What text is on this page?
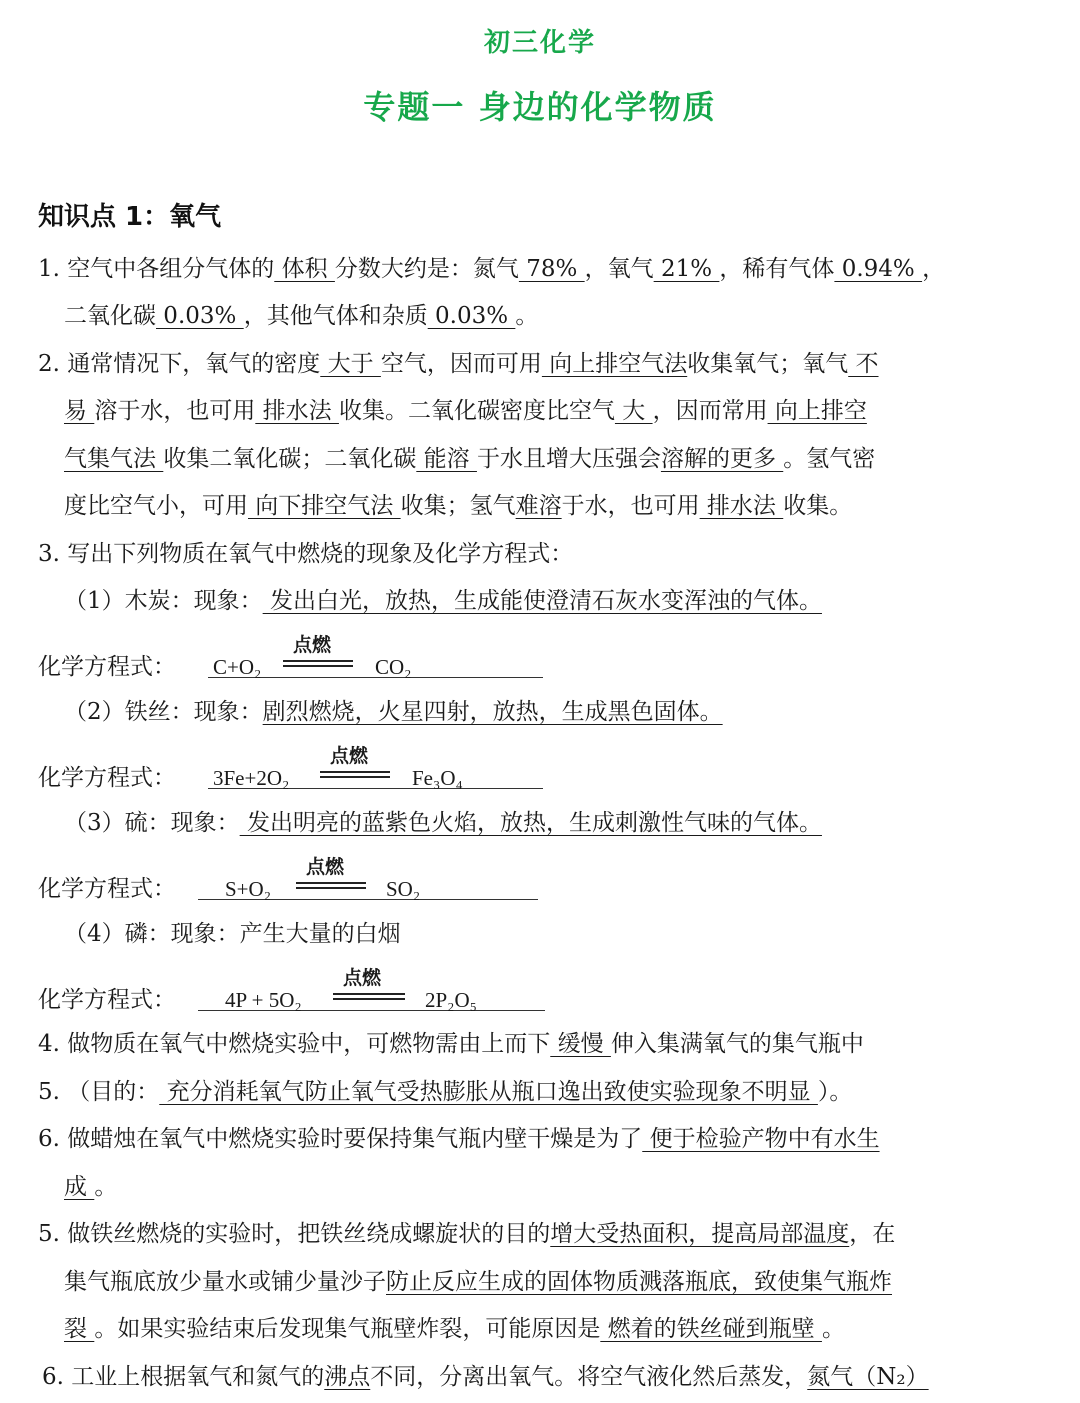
初三化学
专题一 身边的化学物质
知识点 1：氧气
1. 空气中各组分气体的 体积 分数大约是：氮气 78% ，氧气 21% ，稀有气体 0.94% ，
二氧化碳 0.03% ，其他气体和杂质 0.03% 。
2. 通常情况下，氧气的密度 大于 空气，因而可用 向上排空气法收集氧气；氧气 不
易 溶于水，也可用 排水法 收集。二氧化碳密度比空气 大 ，因而常用 向上排空
气集气法 收集二氧化碳；二氧化碳 能溶 于水且增大压强会溶解的更多 。氢气密
度比空气小，可用 向下排空气法 收集；氢气难溶于水，也可用 排水法 收集。
3. 写出下列物质在氧气中燃烧的现象及化学方程式：
（1）木炭：现象： 发出白光，放热，生成能使澄清石灰水变浑浊的气体。
化学方程式： C+O₂
点燃
CO₂
（2）铁丝：现象：剧烈燃烧，火星四射，放热，生成黑色固体。
化学方程式： 3Fe+2O₂
点燃
Fe₃O₄
（3）硫：现象： 发出明亮的蓝紫色火焰，放热，生成刺激性气味的气体。
化学方程式： S+O₂
点燃
SO₂
（4）磷：现象：产生大量的白烟
化学方程式： 4P + 5O₂
点燃
2P₂O₅
4. 做物质在氧气中燃烧实验中，可燃物需由上而下 缓慢 伸入集满氧气的集气瓶中
5. （目的： 充分消耗氧气防止氧气受热膨胀从瓶口逸出致使实验现象不明显 ）。
6. 做蜡烛在氧气中燃烧实验时要保持集气瓶内壁干燥是为了 便于检验产物中有水生
成 。
5. 做铁丝燃烧的实验时，把铁丝绕成螺旋状的目的增大受热面积，提高局部温度，在
集气瓶底放少量水或铺少量沙子防止反应生成的固体物质溅落瓶底，致使集气瓶炸
裂 。如果实验结束后发现集气瓶壁炸裂，可能原因是 燃着的铁丝碰到瓶壁 。
6. 工业上根据氧气和氮气的沸点不同，分离出氧气。将空气液化然后蒸发，氮气（N₂）
